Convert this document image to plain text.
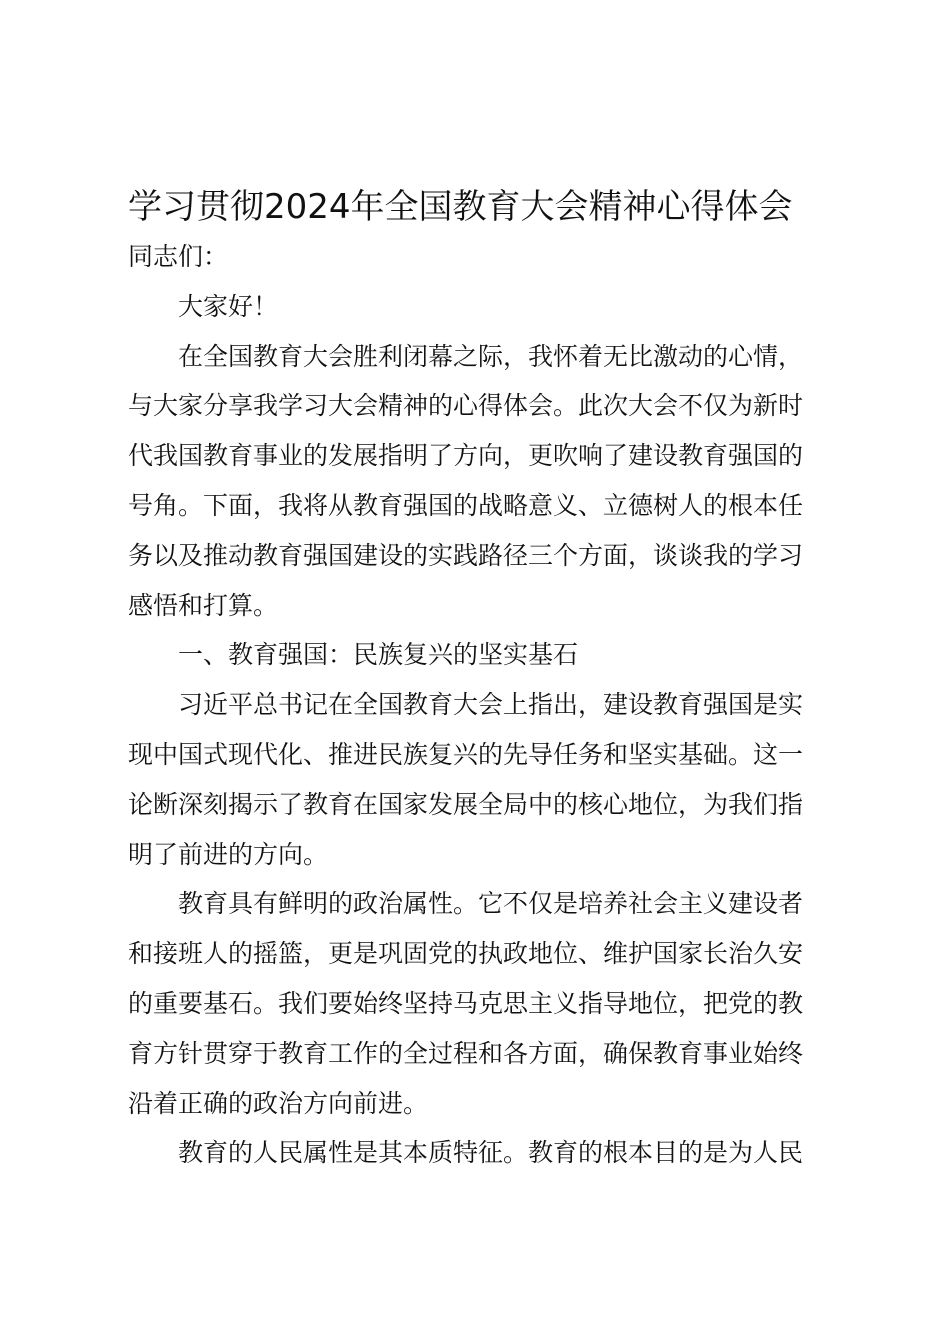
学习贯彻2024年全国教育大会精神心得体会

同志们：

大家好！

在全国教育大会胜利闭幕之际，我怀着无比激动的心情，

与大家分享我学习大会精神的心得体会。此次大会不仅为新时

代我国教育事业的发展指明了方向，更吹响了建设教育强国的

号角。下面，我将从教育强国的战略意义、立德树人的根本任

务以及推动教育强国建设的实践路径三个方面，谈谈我的学习

感悟和打算。

一、教育强国：民族复兴的坚实基石

习近平总书记在全国教育大会上指出，建设教育强国是实

现中国式现代化、推进民族复兴的先导任务和坚实基础。这一

论断深刻揭示了教育在国家发展全局中的核心地位，为我们指

明了前进的方向。

教育具有鲜明的政治属性。它不仅是培养社会主义建设者

和接班人的摇篮，更是巩固党的执政地位、维护国家长治久安

的重要基石。我们要始终坚持马克思主义指导地位，把党的教

育方针贯穿于教育工作的全过程和各方面，确保教育事业始终

沿着正确的政治方向前进。

教育的人民属性是其本质特征。教育的根本目的是为人民
